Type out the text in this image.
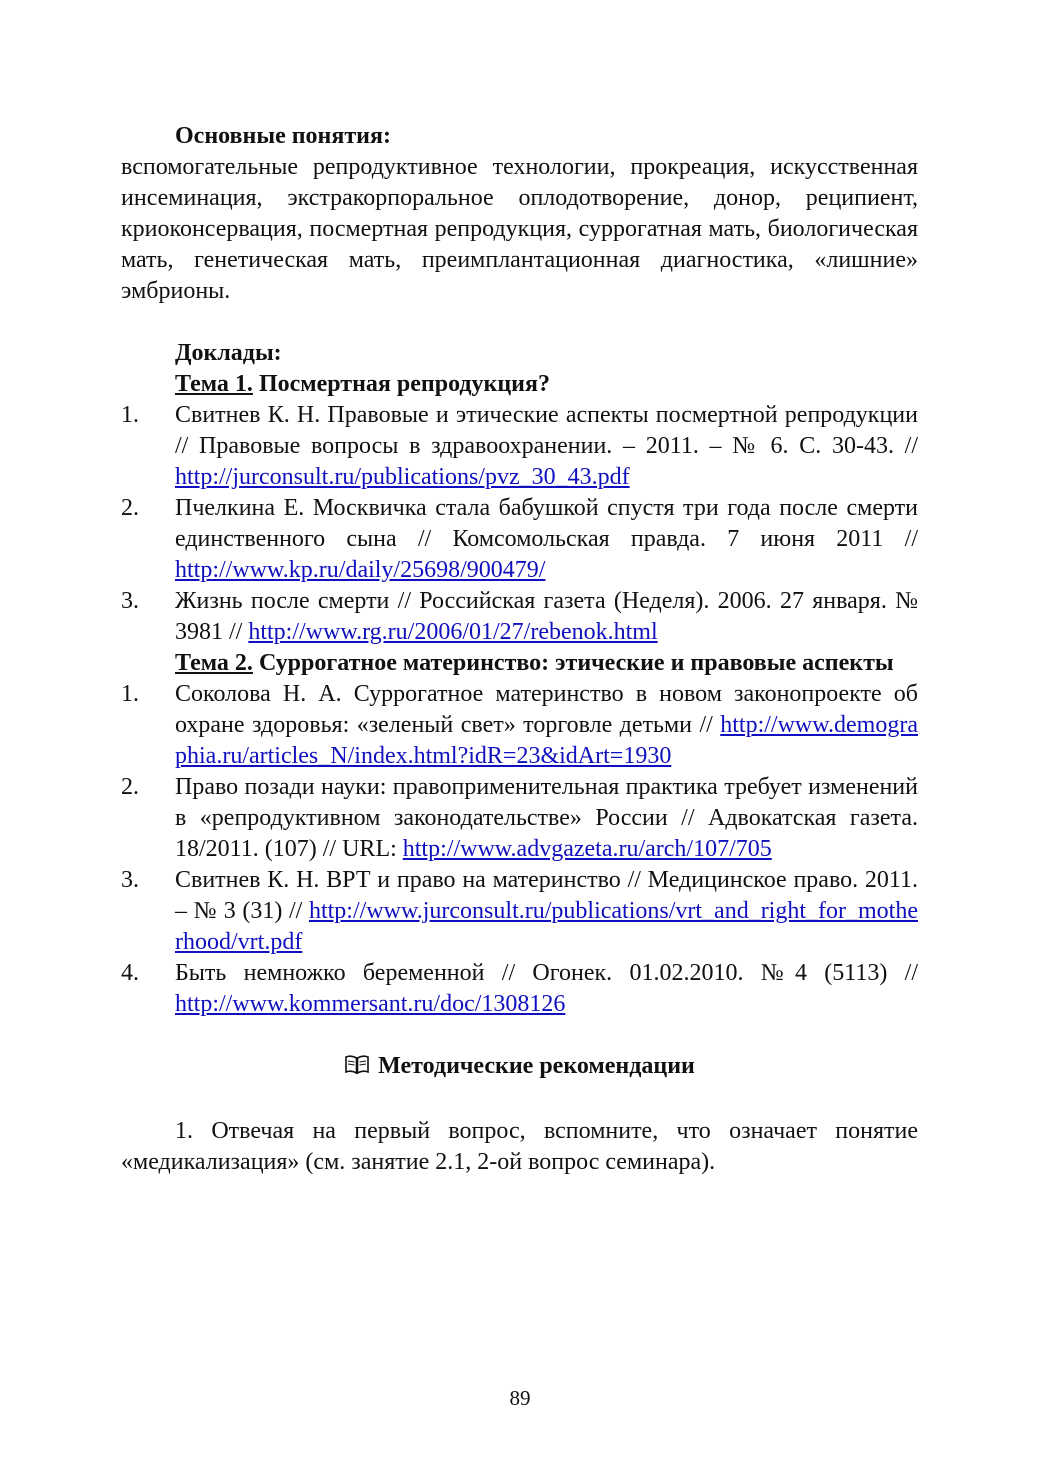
Основные понятия:
вспомогательные репродуктивное технологии, прокреация, искусственная инсеминация, экстракорпоральное оплодотворение, донор, реципиент, криоконсервация, посмертная репродукция, суррогатная мать, биологическая мать, генетическая мать, преимплантационная диагностика, «лишние» эмбрионы.
Доклады:
Тема 1. Посмертная репродукция?
1. Свитнев К. Н. Правовые и этические аспекты посмертной репродукции // Правовые вопросы в здравоохранении. – 2011. – № 6. С. 30-43. // http://jurconsult.ru/publications/pvz_30_43.pdf
2. Пчелкина Е. Москвичка стала бабушкой спустя три года после смерти единственного сына // Комсомольская правда. 7 июня 2011 // http://www.kp.ru/daily/25698/900479/
3. Жизнь после смерти // Российская газета (Неделя). 2006. 27 января. № 3981 // http://www.rg.ru/2006/01/27/rebenok.html
Тема 2. Суррогатное материнство: этические и правовые аспекты
1. Соколова Н. А. Суррогатное материнство в новом законопроекте об охране здоровья: «зеленый свет» торговле детьми // http://www.demographia.ru/articles_N/index.html?idR=23&idArt=1930
2. Право позади науки: правоприменительная практика требует изменений в «репродуктивном законодательстве» России // Адвокатская газета. 18/2011. (107) // URL: http://www.advgazeta.ru/arch/107/705
3. Свитнев К. Н. ВРТ и право на материнство // Медицинское право. 2011. – № 3 (31) // http://www.jurconsult.ru/publications/vrt_and_right_for_motherhood/vrt.pdf
4. Быть немножко беременной // Огонек. 01.02.2010. №4 (5113) // http://www.kommersant.ru/doc/1308126
Методические рекомендации
1. Отвечая на первый вопрос, вспомните, что означает понятие «медикализация» (см. занятие 2.1, 2-ой вопрос семинара).
89
